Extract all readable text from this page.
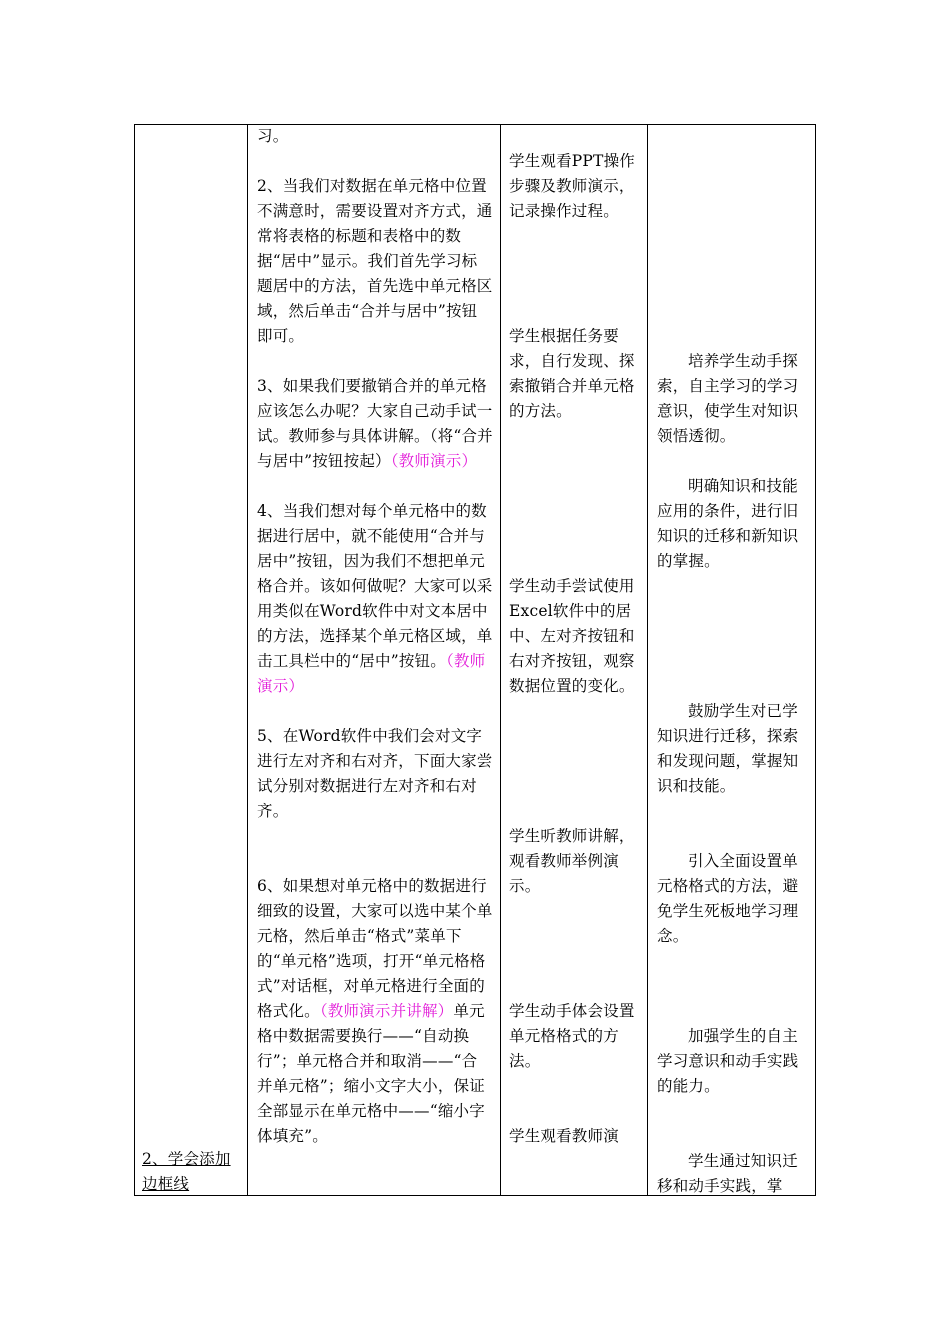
2、学会添加边框线

习。

2、当我们对数据在单元格中位置不满意时，需要设置对齐方式，通常将表格的标题和表格中的数据“居中”显示。我们首先学习标题居中的方法，首先选中单元格区域，然后单击“合并与居中”按钮即可。

3、如果我们要撤销合并的单元格应该怎么办呢？大家自己动手试一试。教师参与具体讲解。（将“合并与居中”按钮按起）（教师演示）

4、当我们想对每个单元格中的数据进行居中，就不能使用“合并与居中”按钮，因为我们不想把单元格合并。该如何做呢？大家可以采用类似在Word软件中对文本居中的方法，选择某个单元格区域，单击工具栏中的“居中”按钮。（教师演示）

5、在Word软件中我们会对文字进行左对齐和右对齐，下面大家尝试分别对数据进行左对齐和右对齐。

6、如果想对单元格中的数据进行细致的设置，大家可以选中某个单元格，然后单击“格式”菜单下的“单元格”选项，打开“单元格格式”对话框，对单元格进行全面的格式化。（教师演示并讲解）单元格中数据需要换行——“自动换行”；单元格合并和取消——“合并单元格”；缩小文字大小，保证全部显示在单元格中——“缩小字体填充”。

学生观看PPT操作步骤及教师演示，记录操作过程。

学生根据任务要求，自行发现、探索撤销合并单元格的方法。

学生动手尝试使用Excel软件中的居中、左对齐按钮和右对齐按钮，观察数据位置的变化。

学生听教师讲解，观看教师举例演示。

学生动手体会设置单元格格式的方法。

学生观看教师演

培养学生动手探索，自主学习的学习意识，使学生对知识领悟透彻。

明确知识和技能应用的条件，进行旧知识的迁移和新知识的掌握。

鼓励学生对已学知识进行迁移，探索和发现问题，掌握知识和技能。

引入全面设置单元格格式的方法，避免学生死板地学习理念。

加强学生的自主学习意识和动手实践的能力。

学生通过知识迁移和动手实践，掌
